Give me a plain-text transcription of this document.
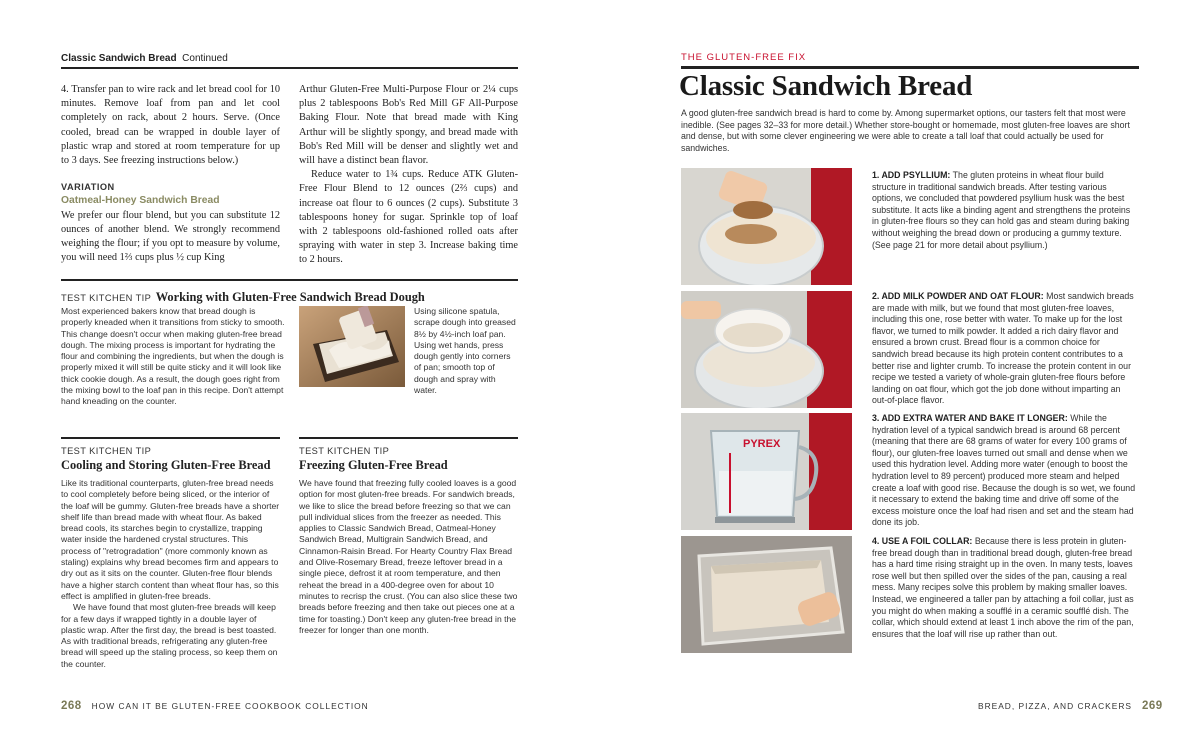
Classic Sandwich Bread Continued

4. Transfer pan to wire rack and let bread cool for 10 minutes. Remove loaf from pan and let cool completely on rack, about 2 hours. Serve. (Once cooled, bread can be wrapped in double layer of plastic wrap and stored at room temperature for up to 3 days. See freezing instructions below.)

VARIATION
Oatmeal-Honey Sandwich Bread

We prefer our flour blend, but you can substitute 12 ounces of another blend. We strongly recommend weighing the flour; if you opt to measure by volume, you will need 1⅔ cups plus ½ cup King

Arthur Gluten-Free Multi-Purpose Flour or 2¼ cups plus 2 tablespoons Bob's Red Mill GF All-Purpose Baking Flour. Note that bread made with King Arthur will be slightly spongy, and bread made with Bob's Red Mill will be denser and slightly wet and will have a distinct bean flavor.

Reduce water to 1¾ cups. Reduce ATK Gluten-Free Flour Blend to 12 ounces (2⅔ cups) and increase oat flour to 6 ounces (2 cups). Substitute 3 tablespoons honey for sugar. Sprinkle top of loaf with 2 tablespoons old-fashioned rolled oats after spraying with water in step 3. Increase baking time to 2 hours.

TEST KITCHEN TIP Working with Gluten-Free Sandwich Bread Dough

Most experienced bakers know that bread dough is properly kneaded when it transitions from sticky to smooth. This change doesn't occur when making gluten-free bread dough. The mixing process is important for hydrating the flour and combining the ingredients, but when the dough is properly mixed it will still be quite sticky and it will look like thick cookie dough. As a result, the dough goes right from the mixing bowl to the loaf pan in this recipe. Don't attempt hand kneading on the counter.

Using silicone spatula, scrape dough into greased 8½ by 4½-inch loaf pan. Using wet hands, press dough gently into corners of pan; smooth top of dough and spray with water.

TEST KITCHEN TIP
Cooling and Storing Gluten-Free Bread

Like its traditional counterparts, gluten-free bread needs to cool completely before being sliced, or the interior of the loaf will be gummy. Gluten-free breads have a shorter shelf life than bread made with wheat flour. As baked bread cools, its starches begin to crystallize, trapping water inside the hardened crystal structures. This process of "retrogradation" (more commonly known as staling) explains why bread becomes firm and appears to dry out as it sits on the counter. Gluten-free flour blends have a higher starch content than wheat flour has, so this effect is amplified in gluten-free breads.

We have found that most gluten-free breads will keep for a few days if wrapped tightly in a double layer of plastic wrap. After the first day, the bread is best toasted. As with traditional breads, refrigerating any gluten-free bread will speed up the staling process, so keep them on the counter.

TEST KITCHEN TIP
Freezing Gluten-Free Bread

We have found that freezing fully cooled loaves is a good option for most gluten-free breads. For sandwich breads, we like to slice the bread before freezing so that we can pull individual slices from the freezer as needed. This applies to Classic Sandwich Bread, Oatmeal-Honey Sandwich Bread, Multigrain Sandwich Bread, and Cinnamon-Raisin Bread. For Hearty Country Flax Bread and Olive-Rosemary Bread, freeze leftover bread in a single piece, defrost it at room temperature, and then reheat the bread in a 400-degree oven for about 10 minutes to recrisp the crust. (You can also slice these two breads before freezing and then take out pieces one at a time for toasting.) Don't keep any gluten-free bread in the freezer for longer than one month.

268 HOW CAN IT BE GLUTEN-FREE COOKBOOK COLLECTION
THE GLUTEN-FREE FIX
Classic Sandwich Bread

A good gluten-free sandwich bread is hard to come by. Among supermarket options, our tasters felt that most were inedible. (See pages 32–33 for more detail.) Whether store-bought or homemade, most gluten-free loaves are short and dense, but with some clever engineering we were able to create a tall loaf that could actually be used for sandwiches.

1. ADD PSYLLIUM: The gluten proteins in wheat flour build structure in traditional sandwich breads. After testing various options, we concluded that powdered psyllium husk was the best substitute. It acts like a binding agent and strengthens the proteins in gluten-free flours so they can hold gas and steam during baking without weighing the bread down or producing a gummy texture. (See page 21 for more detail about psyllium.)
2. ADD MILK POWDER AND OAT FLOUR: Most sandwich breads are made with milk, but we found that most gluten-free loaves, including this one, rose better with water. To make up for the lost flavor, we turned to milk powder. It added a rich dairy flavor and ensured a brown crust. Bread flour is a common choice for sandwich bread because its high protein content contributes to a better rise and lighter crumb. To increase the protein content in our recipe we tested a variety of whole-grain gluten-free flours before landing on oat flour, which got the job done without imparting an out-of-place flavor.
PYREX
3. ADD EXTRA WATER AND BAKE IT LONGER: While the hydration level of a typical sandwich bread is around 68 percent (meaning that there are 68 grams of water for every 100 grams of flour), our gluten-free loaves turned out small and dense when we used this hydration level. Adding more water (enough to boost the hydration level to 89 percent) produced more steam and helped create a loaf with good rise. Because the dough is so wet, we found it necessary to extend the baking time and drive off some of the excess moisture once the loaf had risen and set and the steam had done its job.
4. USE A FOIL COLLAR: Because there is less protein in gluten-free bread dough than in traditional bread dough, gluten-free bread has a hard time rising straight up in the oven. In many tests, loaves rose well but then spilled over the sides of the pan, causing a real mess. Many recipes solve this problem by making smaller loaves. Instead, we engineered a taller pan by attaching a foil collar, just as you might do when making a soufflé in a ceramic soufflé dish. The collar, which should extend at least 1 inch above the rim of the pan, ensures that the loaf will rise up rather than out.
BREAD, PIZZA, AND CRACKERS 269
